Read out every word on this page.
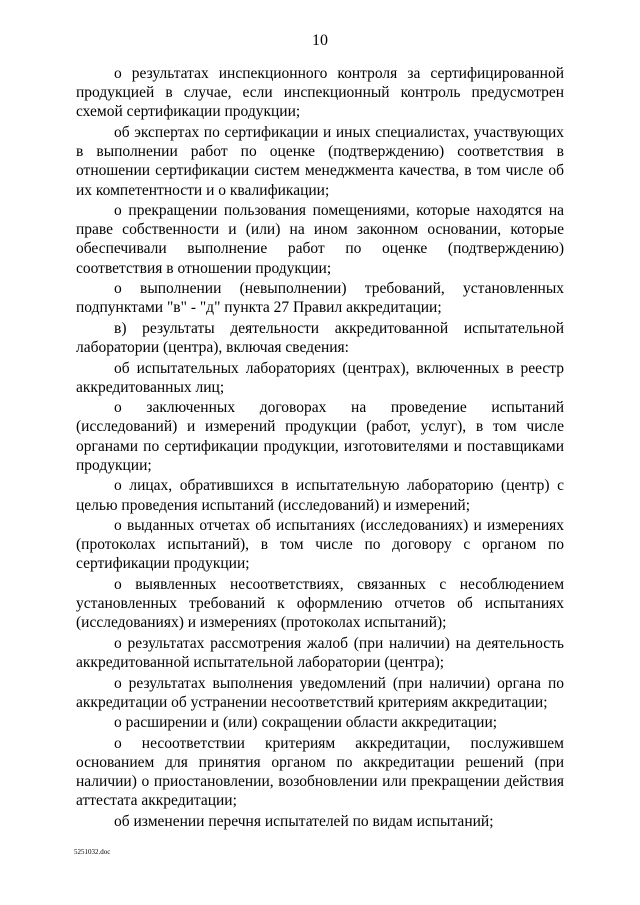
10

о результатах инспекционного контроля за сертифицированной продукцией в случае, если инспекционный контроль предусмотрен схемой сертификации продукции;

об экспертах по сертификации и иных специалистах, участвующих в выполнении работ по оценке (подтверждению) соответствия в отношении сертификации систем менеджмента качества, в том числе об их компетентности и о квалификации;

о прекращении пользования помещениями, которые находятся на праве собственности и (или) на ином законном основании, которые обеспечивали выполнение работ по оценке (подтверждению) соответствия в отношении продукции;

о выполнении (невыполнении) требований, установленных подпунктами "в" - "д" пункта 27 Правил аккредитации;

в) результаты деятельности аккредитованной испытательной лаборатории (центра), включая сведения:

об испытательных лабораториях (центрах), включенных в реестр аккредитованных лиц;

о заключенных договорах на проведение испытаний (исследований) и измерений продукции (работ, услуг), в том числе органами по сертификации продукции, изготовителями и поставщиками продукции;

о лицах, обратившихся в испытательную лабораторию (центр) с целью проведения испытаний (исследований) и измерений;

о выданных отчетах об испытаниях (исследованиях) и измерениях (протоколах испытаний), в том числе по договору с органом по сертификации продукции;

о выявленных несоответствиях, связанных с несоблюдением установленных требований к оформлению отчетов об испытаниях (исследованиях) и измерениях (протоколах испытаний);

о результатах рассмотрения жалоб (при наличии) на деятельность аккредитованной испытательной лаборатории (центра);

о результатах выполнения уведомлений (при наличии) органа по аккредитации об устранении несоответствий критериям аккредитации;

о расширении и (или) сокращении области аккредитации;

о несоответствии критериям аккредитации, послужившем основанием для принятия органом по аккредитации решений (при наличии) о приостановлении, возобновлении или прекращении действия аттестата аккредитации;

об изменении перечня испытателей по видам испытаний;

5251032.doc
